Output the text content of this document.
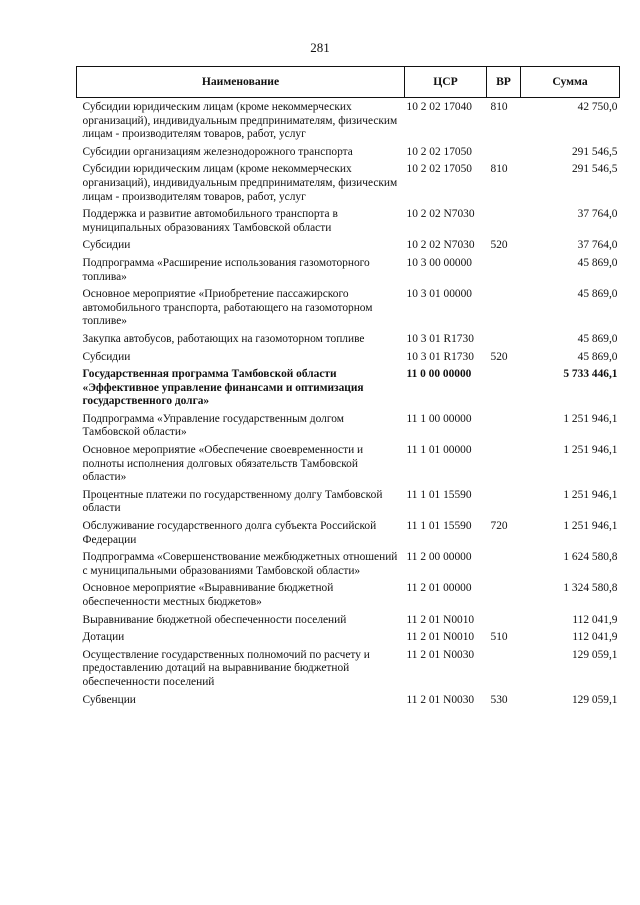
281
Наименование	ЦСР	ВР	Сумма
Субсидии юридическим лицам (кроме некоммерческих организаций), индивидуальным предпринимателям, физическим лицам - производителям товаров, работ, услуг	10 2 02 17040	810	42 750,0
Субсидии организациям железнодорожного транспорта	10 2 02 17050		291 546,5
Субсидии юридическим лицам (кроме некоммерческих организаций), индивидуальным предпринимателям, физическим лицам - производителям товаров, работ, услуг	10 2 02 17050	810	291 546,5
Поддержка и развитие автомобильного транспорта в муниципальных образованиях Тамбовской области	10 2 02 N7030		37 764,0
Субсидии	10 2 02 N7030	520	37 764,0
Подпрограмма «Расширение использования газомоторного топлива»	10 3 00 00000		45 869,0
Основное мероприятие «Приобретение пассажирского автомобильного транспорта, работающего на газомоторном топливе»	10 3 01 00000		45 869,0
Закупка автобусов, работающих на газомоторном топливе	10 3 01 R1730		45 869,0
Субсидии	10 3 01 R1730	520	45 869,0
Государственная программа Тамбовской области «Эффективное управление финансами и оптимизация государственного долга»	11 0 00 00000		5 733 446,1
Подпрограмма «Управление государственным долгом Тамбовской области»	11 1 00 00000		1 251 946,1
Основное мероприятие «Обеспечение своевременности и полноты исполнения долговых обязательств Тамбовской области»	11 1 01 00000		1 251 946,1
Процентные платежи по государственному долгу Тамбовской области	11 1 01 15590		1 251 946,1
Обслуживание государственного долга субъекта Российской Федерации	11 1 01 15590	720	1 251 946,1
Подпрограмма «Совершенствование межбюджетных отношений с муниципальными образованиями Тамбовской области»	11 2 00 00000		1 624 580,8
Основное мероприятие «Выравнивание бюджетной обеспеченности местных бюджетов»	11 2 01 00000		1 324 580,8
Выравнивание бюджетной обеспеченности поселений	11 2 01 N0010		112 041,9
Дотации	11 2 01 N0010	510	112 041,9
Осуществление государственных полномочий по расчету и предоставлению дотаций на выравнивание бюджетной обеспеченности поселений	11 2 01 N0030		129 059,1
Субвенции	11 2 01 N0030	530	129 059,1
